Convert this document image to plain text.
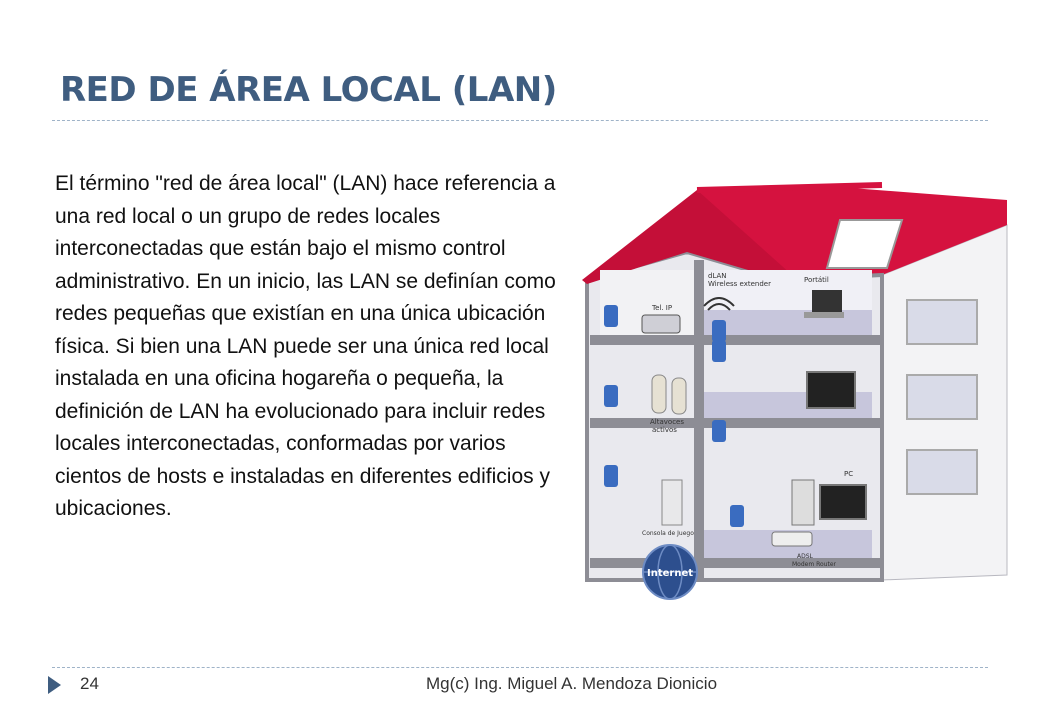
RED DE ÁREA LOCAL (LAN)
El término "red de área local" (LAN) hace referencia a una red local o un grupo de redes locales interconectadas que están bajo el mismo control administrativo. En un inicio, las LAN se definían como redes pequeñas que existían en una única ubicación física. Si bien una LAN puede ser una única red local instalada en una oficina hogareña o pequeña, la definición de LAN ha evolucionado para incluir redes locales interconectadas, conformadas por varios cientos de hosts e instaladas en diferentes edificios y ubicaciones.
dLAN
Wireless extender
Tel. IP
Portátil
Altavoces
activos
PC
Consola de Juego
ADSL
Modem Router
Internet
24	Mg(c) Ing. Miguel A. Mendoza Dionicio
